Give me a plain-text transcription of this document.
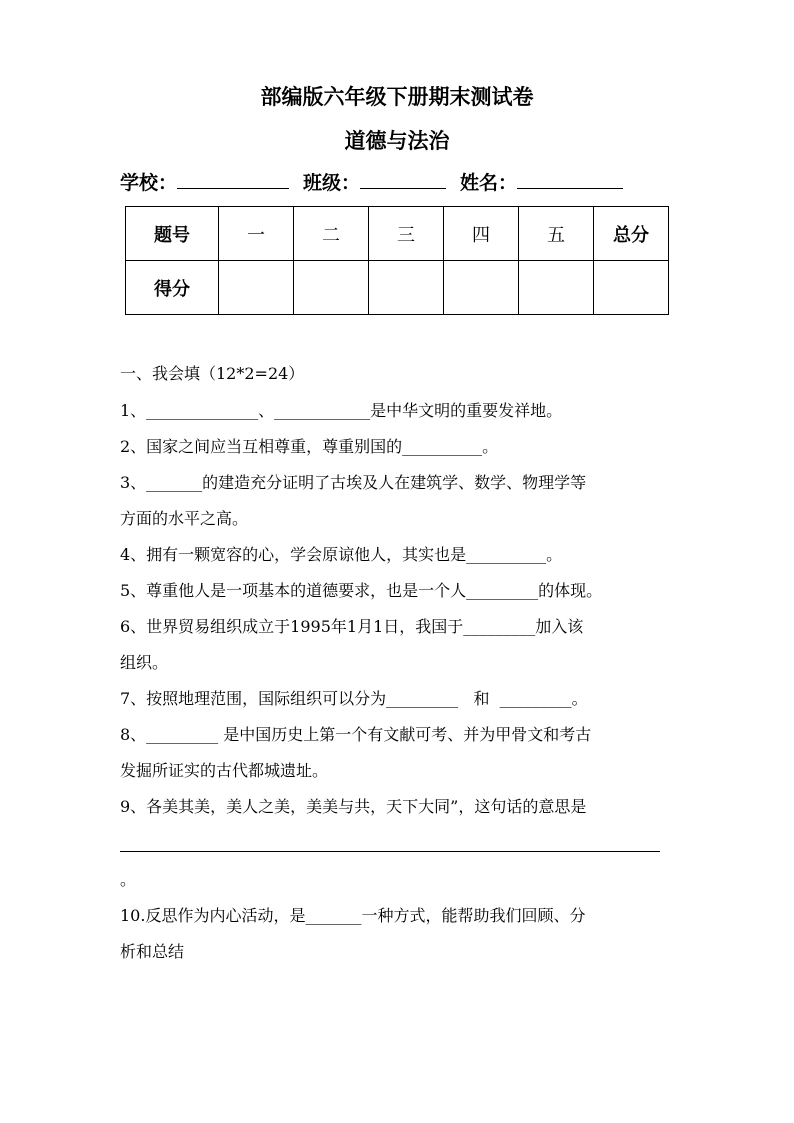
部编版六年级下册期末测试卷
道德与法治
学校：	班级：	姓名：
题号	一	二	三	四	五	总分
得分						

一、我会填（12*2=24）

1、______________、____________是中华文明的重要发祥地。

2、国家之间应当互相尊重，尊重别国的__________。

3、_______的建造充分证明了古埃及人在建筑学、数学、物理学等

方面的水平之高。

4、拥有一颗宽容的心，学会原谅他人，其实也是__________。

5、尊重他人是一项基本的道德要求，也是一个人_________的体现。

6、世界贸易组织成立于1995年1月1日，我国于_________加入该

组织。

7、按照地理范围，国际组织可以分为_________   和  _________。

8、_________ 是中国历史上第一个有文献可考、并为甲骨文和考古

发掘所证实的古代都城遗址。

9、各美其美，美人之美，美美与共，天下大同”，这句话的意思是

。

10.反思作为内心活动，是_______一种方式，能帮助我们回顾、分

析和总结
